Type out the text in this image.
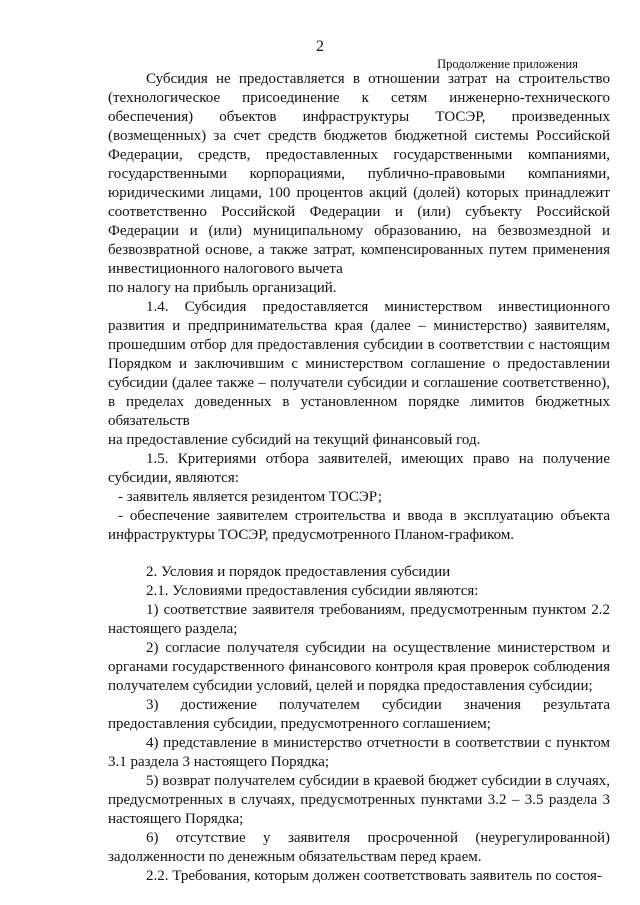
2
Продолжение приложения

Субсидия не предоставляется в отношении затрат на строительство (технологическое присоединение к сетям инженерно-технического обеспечения) объектов инфраструктуры ТОСЭР, произведенных (возмещенных) за счет средств бюджетов бюджетной системы Российской Федерации, средств, предоставленных государственными компаниями, государственными корпорациями, публично-правовыми компаниями, юридическими лицами, 100 процентов акций (долей) которых принадлежит соответственно Российской Федерации и (или) субъекту Российской Федерации и (или) муниципальному образованию, на безвозмездной и безвозвратной основе, а также затрат, компенсированных путем применения инвестиционного налогового вычета

по налогу на прибыль организаций.

1.4. Субсидия предоставляется министерством инвестиционного развития и предпринимательства края (далее – министерство) заявителям, прошедшим отбор для предоставления субсидии в соответствии с настоящим Порядком и заключившим с министерством соглашение о предоставлении субсидии (далее также – получатели субсидии и соглашение соответственно), в пределах доведенных в установленном порядке лимитов бюджетных обязательств

на предоставление субсидий на текущий финансовый год.

1.5. Критериями отбора заявителей, имеющих право на получение субсидии, являются:

- заявитель является резидентом ТОСЭР;

- обеспечение заявителем строительства и ввода в эксплуатацию объекта инфраструктуры ТОСЭР, предусмотренного Планом-графиком.

2. Условия и порядок предоставления субсидии

2.1. Условиями предоставления субсидии являются:

1) соответствие заявителя требованиям, предусмотренным пунктом 2.2 настоящего раздела;

2) согласие получателя субсидии на осуществление министерством и органами государственного финансового контроля края проверок соблюдения получателем субсидии условий, целей и порядка предоставления субсидии;

3) достижение получателем субсидии значения результата предоставления субсидии, предусмотренного соглашением;

4) представление в министерство отчетности в соответствии с пунктом 3.1 раздела 3 настоящего Порядка;

5) возврат получателем субсидии в краевой бюджет субсидии в случаях, предусмотренных в случаях, предусмотренных пунктами 3.2 – 3.5 раздела 3 настоящего Порядка;

6) отсутствие у заявителя просроченной (неурегулированной) задолженности по денежным обязательствам перед краем.

2.2. Требования, которым должен соответствовать заявитель по состоя-
